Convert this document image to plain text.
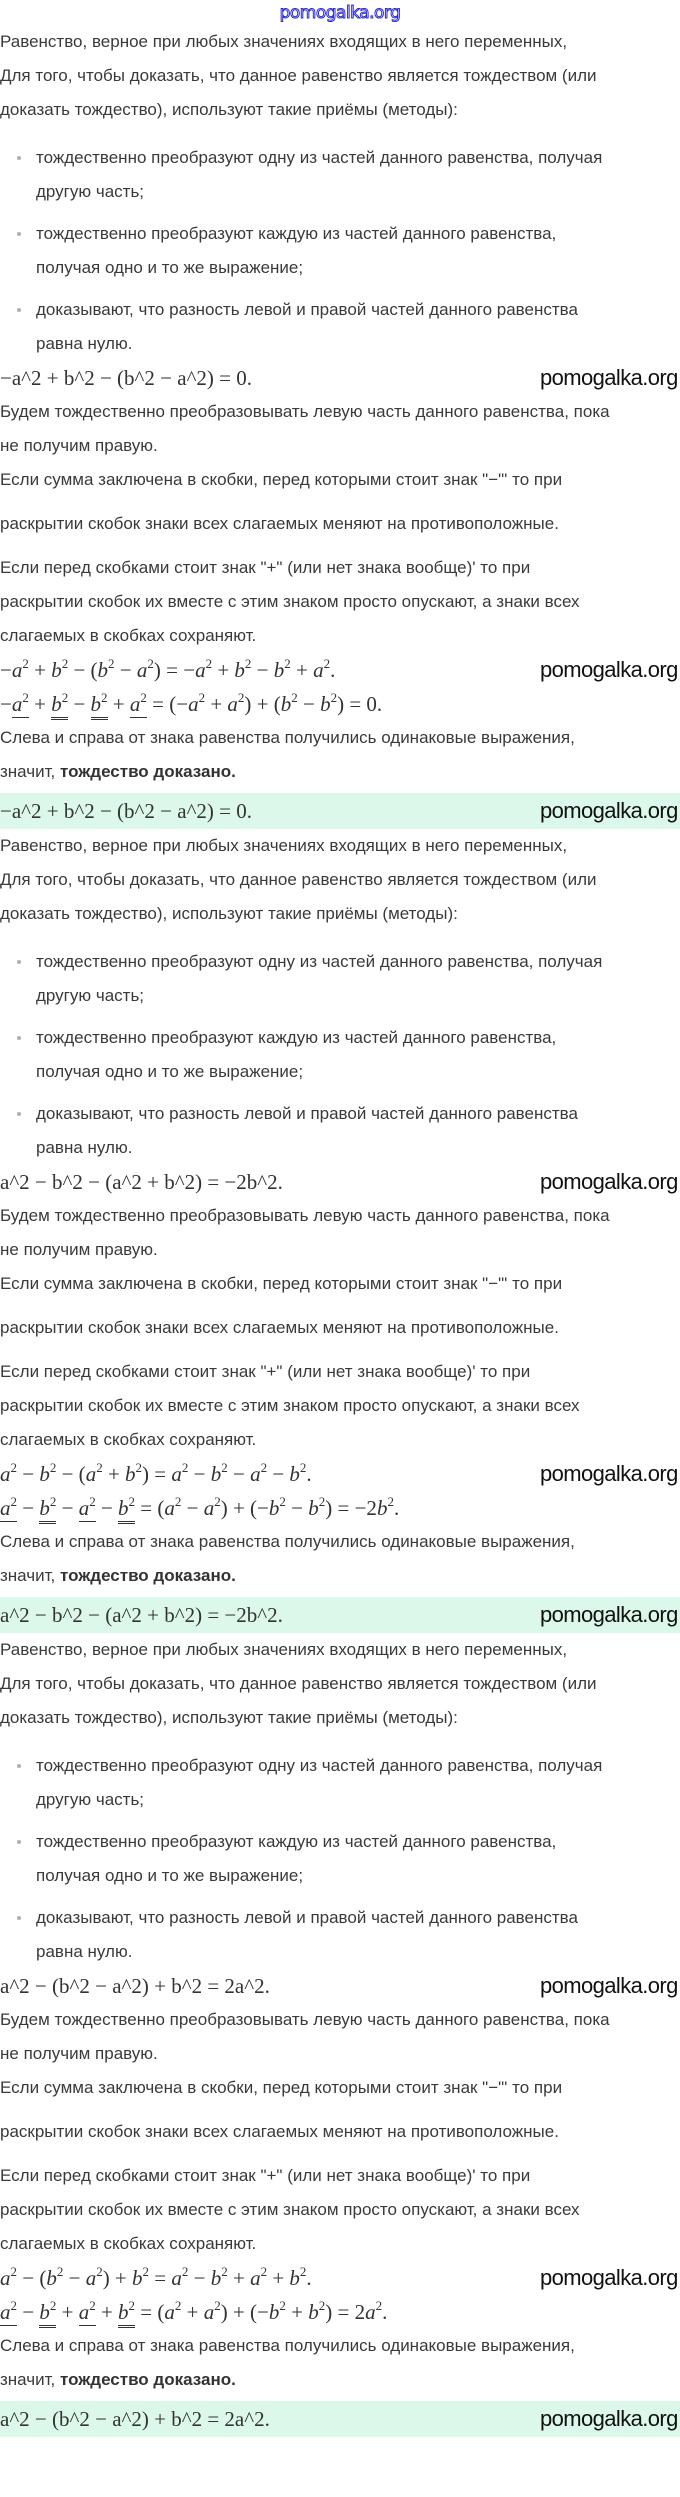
pomogalka.org

Равенство, верное при любых значениях входящих в него переменных,

Для того, чтобы доказать, что данное равенство является тождеством (или

доказать тождество), используют такие приёмы (методы):

тождественно преобразуют одну из частей данного равенства, получая
другую часть;
тождественно преобразуют каждую из частей данного равенства,
получая одно и то же выражение;
доказывают, что разность левой и правой частей данного равенства
равна нулю.
−a^2 + b^2 − (b^2 − a^2) = 0.	pomogalka.org

Будем тождественно преобразовывать левую часть данного равенства, пока

не получим правую.

Если сумма заключена в скобки, перед которыми стоит знак "−"' то при

раскрытии скобок знаки всех слагаемых меняют на противоположные.

Если перед скобками стоит знак "+" (или нет знака вообще)' то при

раскрытии скобок их вместе с этим знаком просто опускают, а знаки всех

слагаемых в скобках сохраняют.

$-a^2 + b^2 - (b^2 - a^2) = -a^2 + b^2 - b^2 + a^2$.	pomogalka.org
$-a^2 + b^2 - b^2 + a^2 = (-a^2 + a^2) + (b^2 - b^2) = 0$.

Слева и справа от знака равенства получились одинаковые выражения,

значит, тождество доказано.

−a^2 + b^2 − (b^2 − a^2) = 0.	pomogalka.org

Равенство, верное при любых значениях входящих в него переменных,

Для того, чтобы доказать, что данное равенство является тождеством (или

доказать тождество), используют такие приёмы (методы):

тождественно преобразуют одну из частей данного равенства, получая
другую часть;
тождественно преобразуют каждую из частей данного равенства,
получая одно и то же выражение;
доказывают, что разность левой и правой частей данного равенства
равна нулю.
a^2 − b^2 − (a^2 + b^2) = −2b^2.	pomogalka.org

Будем тождественно преобразовывать левую часть данного равенства, пока

не получим правую.

Если сумма заключена в скобки, перед которыми стоит знак "−"' то при

раскрытии скобок знаки всех слагаемых меняют на противоположные.

Если перед скобками стоит знак "+" (или нет знака вообще)' то при

раскрытии скобок их вместе с этим знаком просто опускают, а знаки всех

слагаемых в скобках сохраняют.

$a^2 - b^2 - (a^2 + b^2) = a^2 - b^2 - a^2 - b^2$.	pomogalka.org
$a^2 - b^2 - a^2 - b^2 = (a^2 - a^2) + (-b^2 - b^2) = -2b^2$.

Слева и справа от знака равенства получились одинаковые выражения,

значит, тождество доказано.

a^2 − b^2 − (a^2 + b^2) = −2b^2.	pomogalka.org

Равенство, верное при любых значениях входящих в него переменных,

Для того, чтобы доказать, что данное равенство является тождеством (или

доказать тождество), используют такие приёмы (методы):

тождественно преобразуют одну из частей данного равенства, получая
другую часть;
тождественно преобразуют каждую из частей данного равенства,
получая одно и то же выражение;
доказывают, что разность левой и правой частей данного равенства
равна нулю.
a^2 − (b^2 − a^2) + b^2 = 2a^2.	pomogalka.org

Будем тождественно преобразовывать левую часть данного равенства, пока

не получим правую.

Если сумма заключена в скобки, перед которыми стоит знак "−"' то при

раскрытии скобок знаки всех слагаемых меняют на противоположные.

Если перед скобками стоит знак "+" (или нет знака вообще)' то при

раскрытии скобок их вместе с этим знаком просто опускают, а знаки всех

слагаемых в скобках сохраняют.

$a^2 - (b^2 - a^2) + b^2 = a^2 - b^2 + a^2 + b^2$.	pomogalka.org
$a^2 - b^2 + a^2 + b^2 = (a^2 + a^2) + (-b^2 + b^2) = 2a^2$.

Слева и справа от знака равенства получились одинаковые выражения,

значит, тождество доказано.

a^2 − (b^2 − a^2) + b^2 = 2a^2.	pomogalka.org
